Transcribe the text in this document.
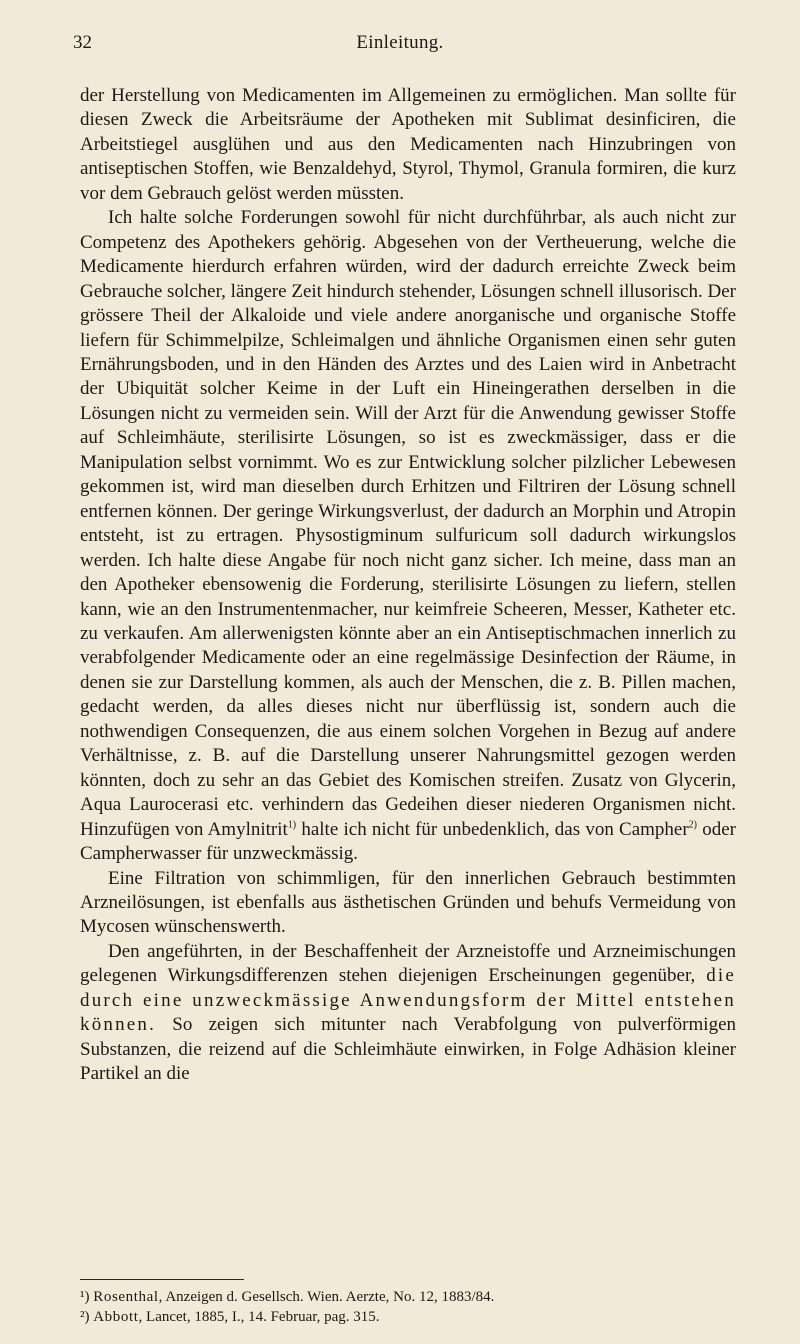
32	Einleitung.

der Herstellung von Medicamenten im Allgemeinen zu ermöglichen. Man sollte für diesen Zweck die Arbeitsräume der Apotheken mit Sublimat desinficiren, die Arbeitstiegel ausglühen und aus den Medicamenten nach Hinzubringen von antiseptischen Stoffen, wie Benzaldehyd, Styrol, Thymol, Granula formiren, die kurz vor dem Gebrauch gelöst werden müssten.

Ich halte solche Forderungen sowohl für nicht durchführbar, als auch nicht zur Competenz des Apothekers gehörig. Abgesehen von der Vertheuerung, welche die Medicamente hierdurch erfahren würden, wird der dadurch erreichte Zweck beim Gebrauche solcher, längere Zeit hindurch stehender, Lösungen schnell illusorisch. Der grössere Theil der Alkaloide und viele andere anorganische und organische Stoffe liefern für Schimmelpilze, Schleimalgen und ähnliche Organismen einen sehr guten Ernährungsboden, und in den Händen des Arztes und des Laien wird in Anbetracht der Ubiquität solcher Keime in der Luft ein Hineingerathen derselben in die Lösungen nicht zu vermeiden sein. Will der Arzt für die Anwendung gewisser Stoffe auf Schleimhäute, sterilisirte Lösungen, so ist es zweckmässiger, dass er die Manipulation selbst vornimmt. Wo es zur Entwicklung solcher pilzlicher Lebewesen gekommen ist, wird man dieselben durch Erhitzen und Filtriren der Lösung schnell entfernen können. Der geringe Wirkungsverlust, der dadurch an Morphin und Atropin entsteht, ist zu ertragen. Physostigminum sulfuricum soll dadurch wirkungslos werden. Ich halte diese Angabe für noch nicht ganz sicher. Ich meine, dass man an den Apotheker ebensowenig die Forderung, sterilisirte Lösungen zu liefern, stellen kann, wie an den Instrumentenmacher, nur keimfreie Scheeren, Messer, Katheter etc. zu verkaufen. Am allerwenigsten könnte aber an ein Antiseptischmachen innerlich zu verabfolgender Medicamente oder an eine regelmässige Desinfection der Räume, in denen sie zur Darstellung kommen, als auch der Menschen, die z. B. Pillen machen, gedacht werden, da alles dieses nicht nur überflüssig ist, sondern auch die nothwendigen Consequenzen, die aus einem solchen Vorgehen in Bezug auf andere Verhältnisse, z. B. auf die Darstellung unserer Nahrungsmittel gezogen werden könnten, doch zu sehr an das Gebiet des Komischen streifen. Zusatz von Glycerin, Aqua Laurocerasi etc. verhindern das Gedeihen dieser niederen Organismen nicht. Hinzufügen von Amylnitrit$^{1)}$ halte ich nicht für unbedenklich, das von Campher$^{2)}$ oder Campherwasser für unzweckmässig.

Eine Filtration von schimmligen, für den innerlichen Gebrauch bestimmten Arzneilösungen, ist ebenfalls aus ästhetischen Gründen und behufs Vermeidung von Mycosen wünschenswerth.

Den angeführten, in der Beschaffenheit der Arzneistoffe und Arzneimischungen gelegenen Wirkungsdifferenzen stehen diejenigen Erscheinungen gegenüber, die durch eine unzweckmässige Anwendungsform der Mittel entstehen können. So zeigen sich mitunter nach Verabfolgung von pulverförmigen Substanzen, die reizend auf die Schleimhäute einwirken, in Folge Adhäsion kleiner Partikel an die

¹) Rosenthal, Anzeigen d. Gesellsch. Wien. Aerzte, No. 12, 1883/84.

²) Abbott, Lancet, 1885, I., 14. Februar, pag. 315.
